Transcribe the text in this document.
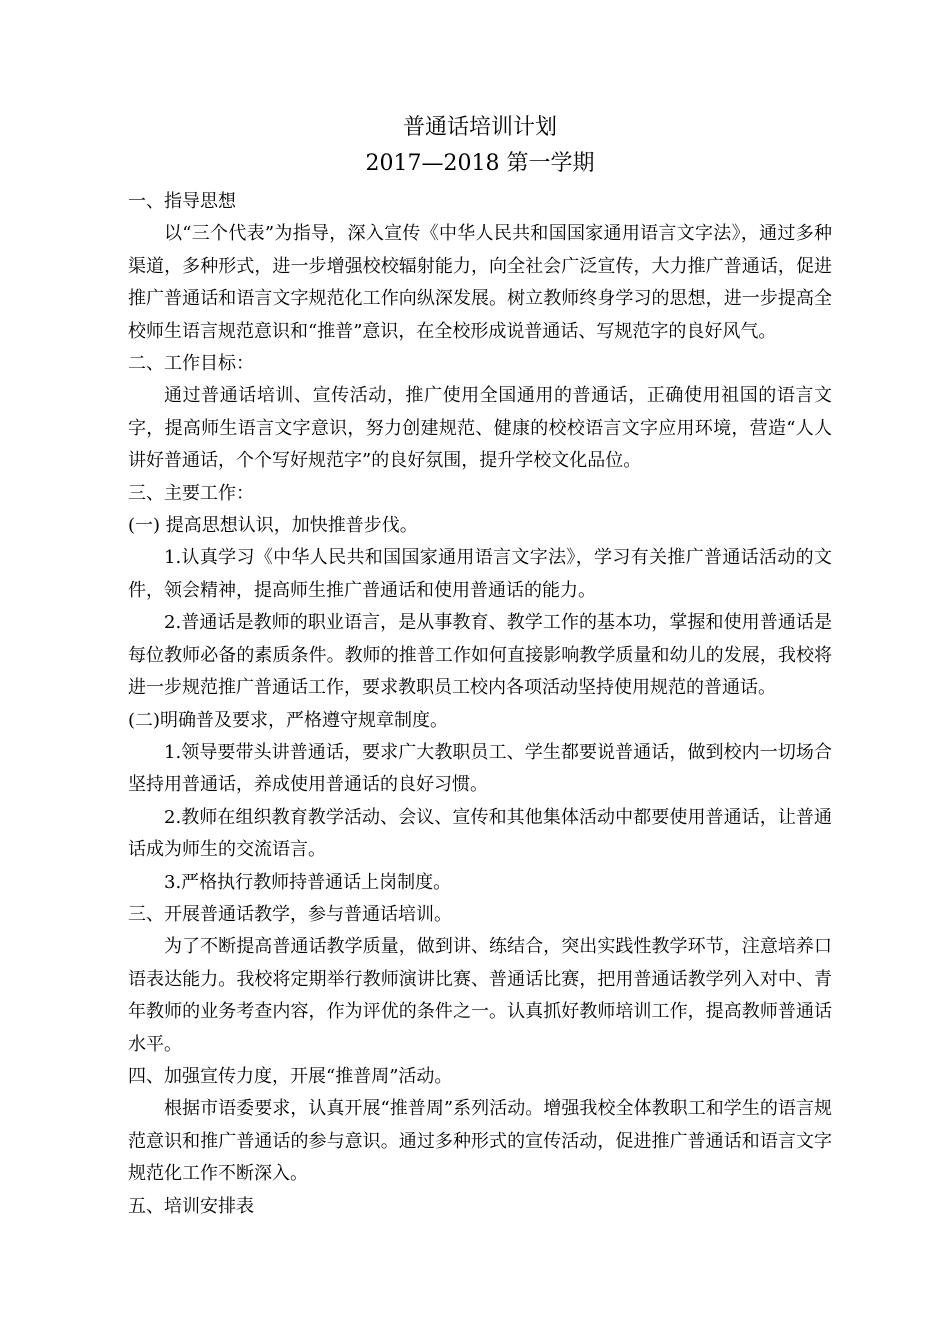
普通话培训计划
2017—2018 第一学期

一、指导思想

以“三个代表”为指导，深入宣传《中华人民共和国国家通用语言文字法》，通过多种渠道，多种形式，进一步增强校校辐射能力，向全社会广泛宣传，大力推广普通话，促进推广普通话和语言文字规范化工作向纵深发展。树立教师终身学习的思想，进一步提高全校师生语言规范意识和“推普”意识，在全校形成说普通话、写规范字的良好风气。

二、工作目标：

通过普通话培训、宣传活动，推广使用全国通用的普通话，正确使用祖国的语言文字，提高师生语言文字意识，努力创建规范、健康的校校语言文字应用环境，营造“人人讲好普通话，个个写好规范字”的良好氛围，提升学校文化品位。

三、主要工作：

(一) 提高思想认识，加快推普步伐。

1.认真学习《中华人民共和国国家通用语言文字法》，学习有关推广普通话活动的文件，领会精神，提高师生推广普通话和使用普通话的能力。

2.普通话是教师的职业语言，是从事教育、教学工作的基本功，掌握和使用普通话是每位教师必备的素质条件。教师的推普工作如何直接影响教学质量和幼儿的发展，我校将进一步规范推广普通话工作，要求教职员工校内各项活动坚持使用规范的普通话。

(二)明确普及要求，严格遵守规章制度。

1.领导要带头讲普通话，要求广大教职员工、学生都要说普通话，做到校内一切场合坚持用普通话，养成使用普通话的良好习惯。

2.教师在组织教育教学活动、会议、宣传和其他集体活动中都要使用普通话，让普通话成为师生的交流语言。

3.严格执行教师持普通话上岗制度。

三、开展普通话教学，参与普通话培训。

为了不断提高普通话教学质量，做到讲、练结合，突出实践性教学环节，注意培养口语表达能力。我校将定期举行教师演讲比赛、普通话比赛，把用普通话教学列入对中、青年教师的业务考查内容，作为评优的条件之一。认真抓好教师培训工作，提高教师普通话水平。

四、加强宣传力度，开展“推普周”活动。

根据市语委要求，认真开展“推普周”系列活动。增强我校全体教职工和学生的语言规范意识和推广普通话的参与意识。通过多种形式的宣传活动，促进推广普通话和语言文字规范化工作不断深入。

五、培训安排表
